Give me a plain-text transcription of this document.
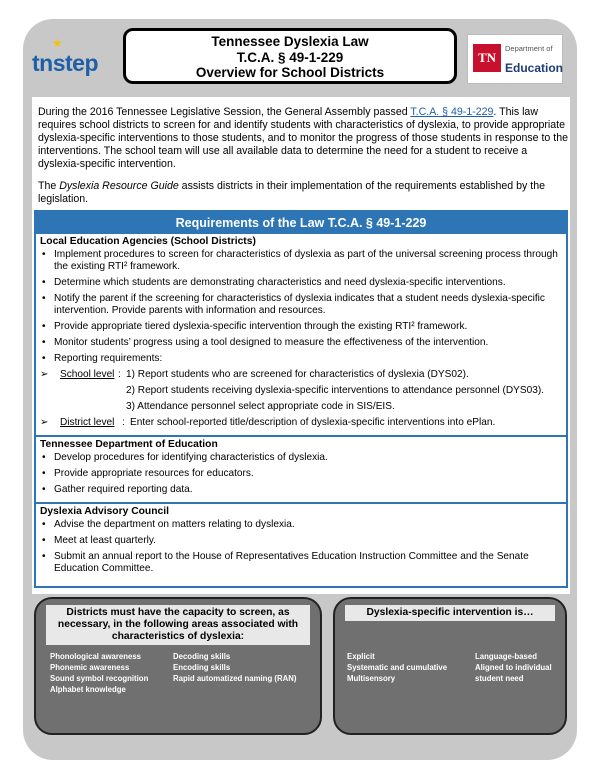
★
tnstep
Tennessee Dyslexia Law
T.C.A. § 49-1-229
Overview for School Districts
TN
Department of
Education
During the 2016 Tennessee Legislative Session, the General Assembly passed T.C.A. § 49-1-229. This law requires school districts to screen for and identify students with characteristics of dyslexia, to provide appropriate dyslexia-specific interventions to those students, and to monitor the progress of those students in response to the interventions. The school team will use all available data to determine the need for a student to receive a dyslexia-specific intervention.
The Dyslexia Resource Guide assists districts in their implementation of the requirements established by the legislation.
Requirements of the Law T.C.A. § 49-1-229
Local Education Agencies (School Districts)
• Implement procedures to screen for characteristics of dyslexia as part of the universal screening process through the existing RTI² framework.
• Determine which students are demonstrating characteristics and need dyslexia-specific interventions.
• Notify the parent if the screening for characteristics of dyslexia indicates that a student needs dyslexia-specific intervention. Provide parents with information and resources.
• Provide appropriate tiered dyslexia-specific intervention through the existing RTI² framework.
• Monitor students’ progress using a tool designed to measure the effectiveness of the intervention.
• Reporting requirements:
➢ School level : 1) Report students who are screened for characteristics of dyslexia (DYS02).

2) Report students receiving dyslexia-specific interventions to attendance personnel (DYS03).

3) Attendance personnel select appropriate code in SIS/EIS.

➢ District level : Enter school-reported title/description of dyslexia-specific interventions into ePlan.

Tennessee Department of Education
• Develop procedures for identifying characteristics of dyslexia.
• Provide appropriate resources for educators.
• Gather required reporting data.
Dyslexia Advisory Council
• Advise the department on matters relating to dyslexia.
• Meet at least quarterly.
• Submit an annual report to the House of Representatives Education Instruction Committee and the Senate Education Committee.
Districts must have the capacity to screen, as necessary, in the following areas associated with characteristics of dyslexia:
Phonological awareness
Phonemic awareness
Sound symbol recognition
Alphabet knowledge
Decoding skills
Encoding skills
Rapid automatized naming (RAN)
Dyslexia-specific intervention is…
Explicit
Systematic and cumulative
Multisensory
Language-based
Aligned to individual
student need
